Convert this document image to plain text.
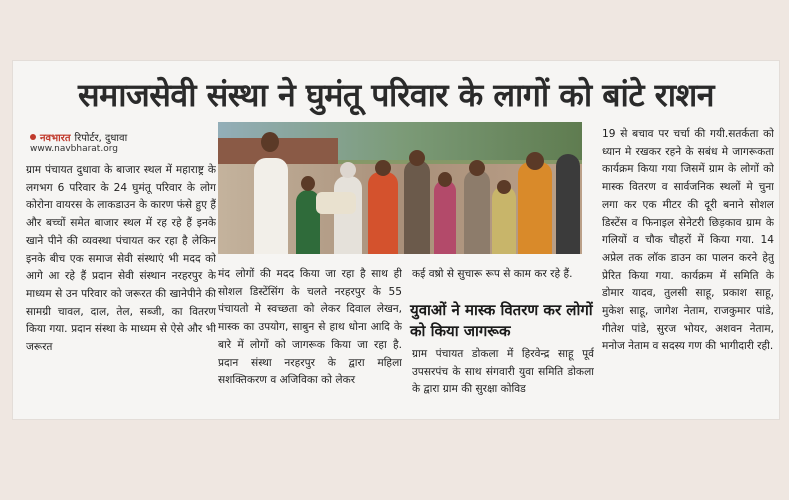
समाजसेवी संस्था ने घुमंतू परिवार के लागों को बांटे राशन
नवभारत रिपोर्टर, दुधावा
www.navbharat.org

ग्राम पंचायत दुधावा के बाजार स्थल में महाराष्ट्र के लगभग 6 परिवार के 24 घुमंतू परिवार के लोग कोरोना वायरस के लाकडाउन के कारण फंसे हुए हैं और बच्चों समेत बाजार स्थल में रह रहे हैं इनके खाने पीने की व्यवस्था पंचायत कर रहा है लेकिन इनके बीच एक समाज सेवी संस्थाएं भी मदद को आगे आ रहे हैं प्रदान सेवी संस्थान नरहरपुर के माध्यम से उन परिवार को जरूरत की खानेपीने की सामग्री चावल, दाल, तेल, सब्जी, का वितरण किया गया. प्रदान संस्था के माध्यम से ऐसे और भी जरूरत

मंद लोगों की मदद किया जा रहा है साथ ही सोशल डिस्टेंसिंग के चलते नरहरपुर के 55 पंचायतो मे स्वच्छता को लेकर दिवाल लेखन, मास्क का उपयोग, साबुन से हाथ धोना आदि के बारे में लोगों को जागरूक किया जा रहा है. प्रदान संस्था नरहरपुर के द्वारा महिला सशक्तिकरण व अजिविका को लेकर

कई वष्रो से सुचारू रूप से काम कर रहे हैं.

युवाओं ने मास्क वितरण कर लोगों को किया जागरूक

ग्राम पंचायत डोकला में हिरवेन्द्र साहू पूर्व उपसरपंच के साथ संगवारी युवा समिति डोकला के द्वारा ग्राम की सुरक्षा कोविड

19 से बचाव पर चर्चा की गयी.सतर्कता को ध्यान मे रखकर रहने के सबंध मे जागरूकता कार्यक्रम किया गया जिसमें ग्राम के लोगों को मास्क वितरण व सार्वजनिक स्थलों मे चुना लगा कर एक मीटर की दूरी बनाने सोशल डिस्टेंस व फिनाइल सेनेटरी छिड़काव ग्राम के गलियों व चौक चौहरों में किया गया. 14 अप्रेल तक लॉक डाउन का पालन करने हेतु प्रेरित किया गया. कार्यक्रम में समिति के डोमार यादव, तुलसी साहू, प्रकाश साहू, मुकेश साहू, जागेश नेताम, राजकुमार पांडे, गीतेश पांडे, सुरज भोयर, अशवन नेताम, मनोज नेताम व सदस्य गण की भागीदारी रही.
